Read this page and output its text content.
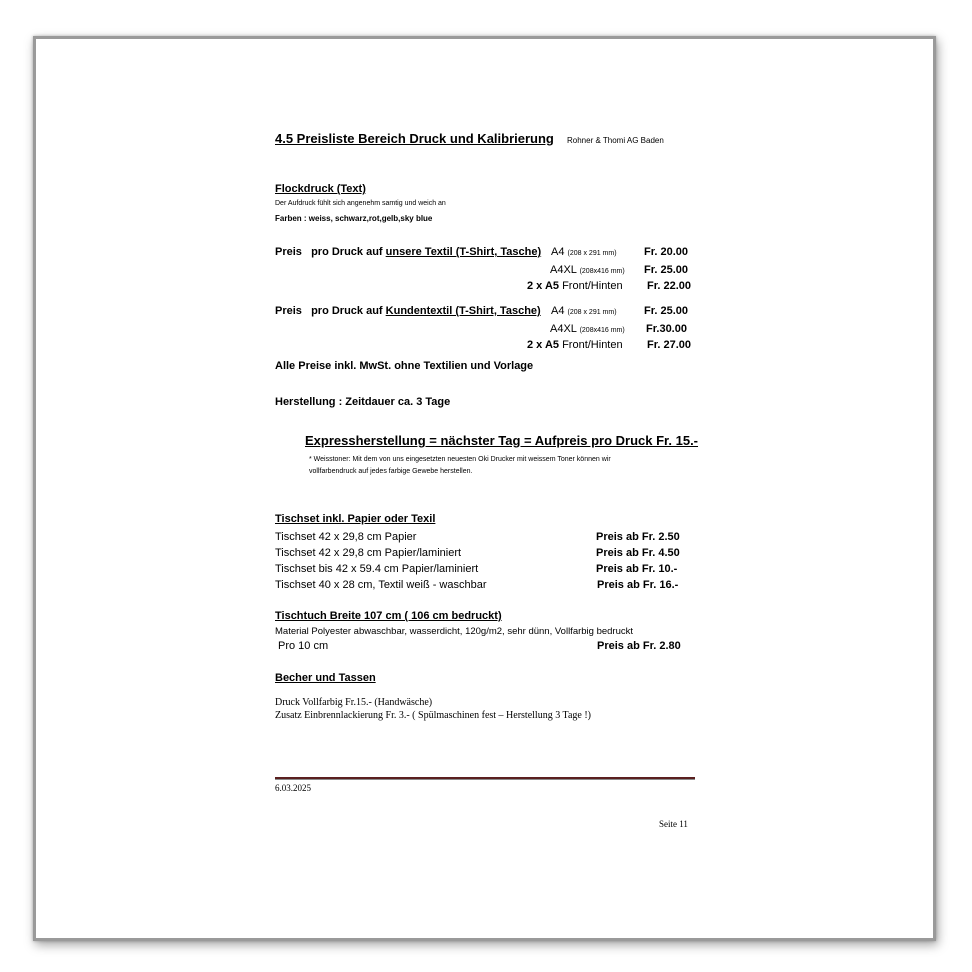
4.5 Preisliste Bereich Druck und Kalibrierung Rohner & Thomi AG Baden
Flockdruck (Text)
Der Aufdruck fühlt sich angenehm samtig und weich an
Farben : weiss, schwarz,rot,gelb,sky blue
Preis   pro Druck auf unsere Textil (T-Shirt, Tasche) A4 (208 x 291 mm) Fr. 20.00
A4XL (208x416 mm) Fr. 25.00
2 x A5 Front/Hinten Fr. 22.00
Preis   pro Druck auf Kundentextil (T-Shirt, Tasche) A4 (208 x 291 mm) Fr. 25.00
A4XL (208x416 mm) Fr.30.00
2 x A5 Front/Hinten Fr. 27.00
Alle Preise inkl. MwSt. ohne Textilien und Vorlage
Herstellung : Zeitdauer ca. 3 Tage
Expressherstellung = nächster Tag = Aufpreis pro Druck Fr. 15.-
* Weisstoner: Mit dem von uns eingesetzten neuesten Oki Drucker mit weissem Toner können wir
vollfarbendruck auf jedes farbige Gewebe herstellen.
Tischset inkl. Papier oder Texil
Tischset 42 x 29,8 cm Papier	Preis ab Fr. 2.50
Tischset 42 x 29,8 cm Papier/laminiert	Preis ab Fr. 4.50
Tischset bis 42 x 59.4 cm Papier/laminiert	Preis ab Fr. 10.-
Tischset 40 x 28 cm, Textil weiß - waschbar	Preis ab Fr. 16.-
Tischtuch Breite 107 cm ( 106 cm bedruckt)
Material Polyester abwaschbar, wasserdicht, 120g/m2, sehr dünn, Vollfarbig bedruckt
Pro 10 cm	Preis ab Fr. 2.80
Becher und Tassen
Druck Vollfarbig Fr.15.- (Handwäsche)
Zusatz Einbrennlackierung Fr. 3.- ( Spülmaschinen fest – Herstellung 3 Tage !)
6.03.2025
Seite 11
